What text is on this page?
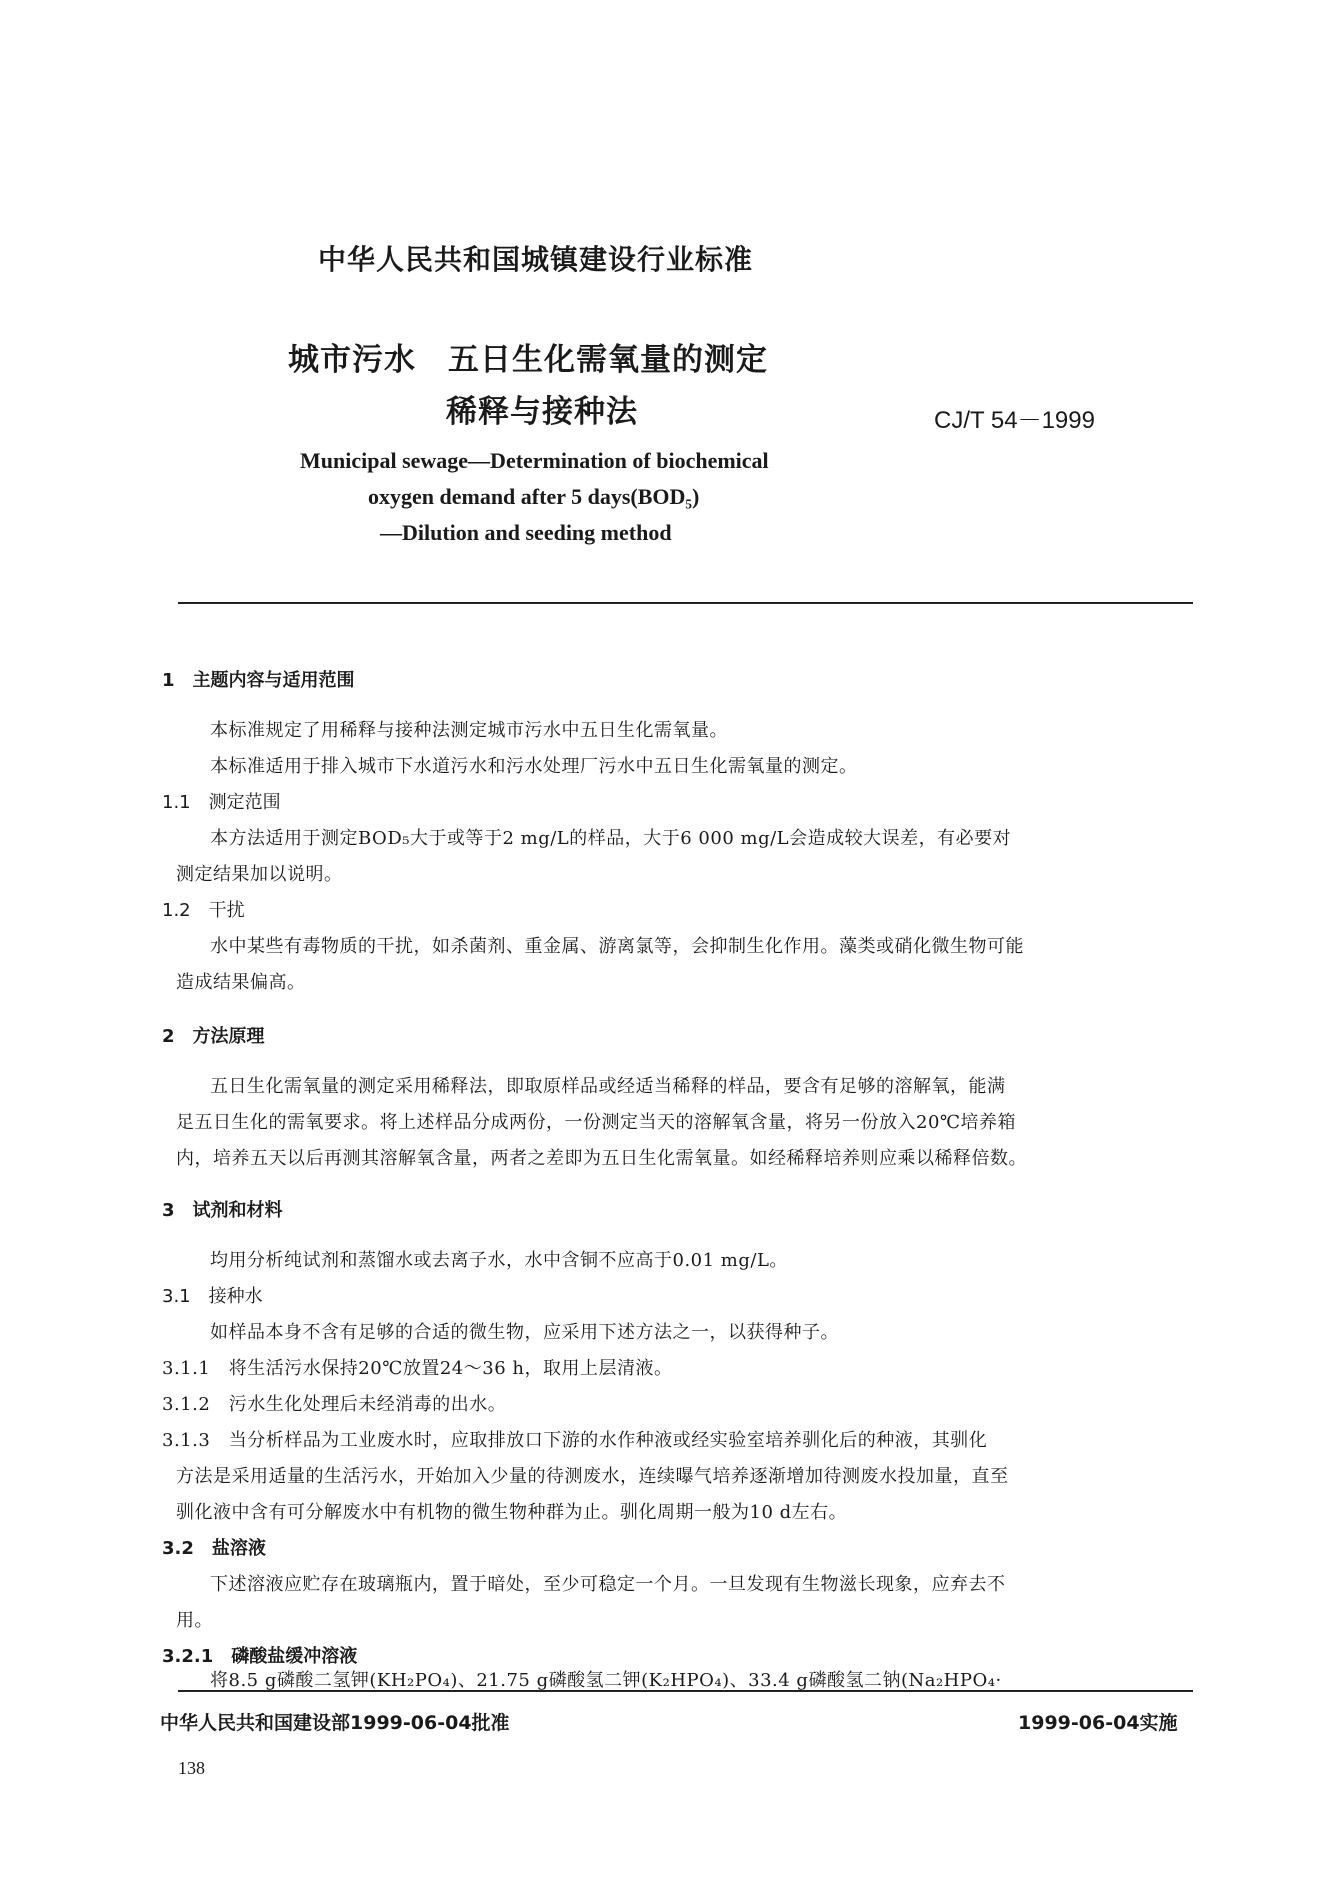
中华人民共和国城镇建设行业标准
城市污水　五日生化需氧量的测定
稀释与接种法	CJ/T 54－1999
Municipal sewage—Determination of biochemical
oxygen demand after 5 days(BOD₅)
—Dilution and seeding method
1　主题内容与适用范围
本标准规定了用稀释与接种法测定城市污水中五日生化需氧量。
本标准适用于排入城市下水道污水和污水处理厂污水中五日生化需氧量的测定。
1.1　测定范围
本方法适用于测定BOD₅大于或等于2 mg/L的样品，大于6 000 mg/L会造成较大误差，有必要对
测定结果加以说明。
1.2　干扰
水中某些有毒物质的干扰，如杀菌剂、重金属、游离氯等，会抑制生化作用。藻类或硝化微生物可能
造成结果偏高。
2　方法原理
五日生化需氧量的测定采用稀释法，即取原样品或经适当稀释的样品，要含有足够的溶解氧，能满
足五日生化的需氧要求。将上述样品分成两份，一份测定当天的溶解氧含量，将另一份放入20℃培养箱
内，培养五天以后再测其溶解氧含量，两者之差即为五日生化需氧量。如经稀释培养则应乘以稀释倍数。
3　试剂和材料
均用分析纯试剂和蒸馏水或去离子水，水中含铜不应高于0.01 mg/L。
3.1　接种水
如样品本身不含有足够的合适的微生物，应采用下述方法之一，以获得种子。
3.1.1　将生活污水保持20℃放置24～36 h，取用上层清液。
3.1.2　污水生化处理后未经消毒的出水。
3.1.3　当分析样品为工业废水时，应取排放口下游的水作种液或经实验室培养驯化后的种液，其驯化
方法是采用适量的生活污水，开始加入少量的待测废水，连续曝气培养逐渐增加待测废水投加量，直至
驯化液中含有可分解废水中有机物的微生物种群为止。驯化周期一般为10 d左右。
3.2　盐溶液
下述溶液应贮存在玻璃瓶内，置于暗处，至少可稳定一个月。一旦发现有生物滋长现象，应弃去不
用。
3.2.1　磷酸盐缓冲溶液
将8.5 g磷酸二氢钾(KH₂PO₄)、21.75 g磷酸氢二钾(K₂HPO₄)、33.4 g磷酸氢二钠(Na₂HPO₄·
中华人民共和国建设部1999-06-04批准	1999-06-04实施
138
